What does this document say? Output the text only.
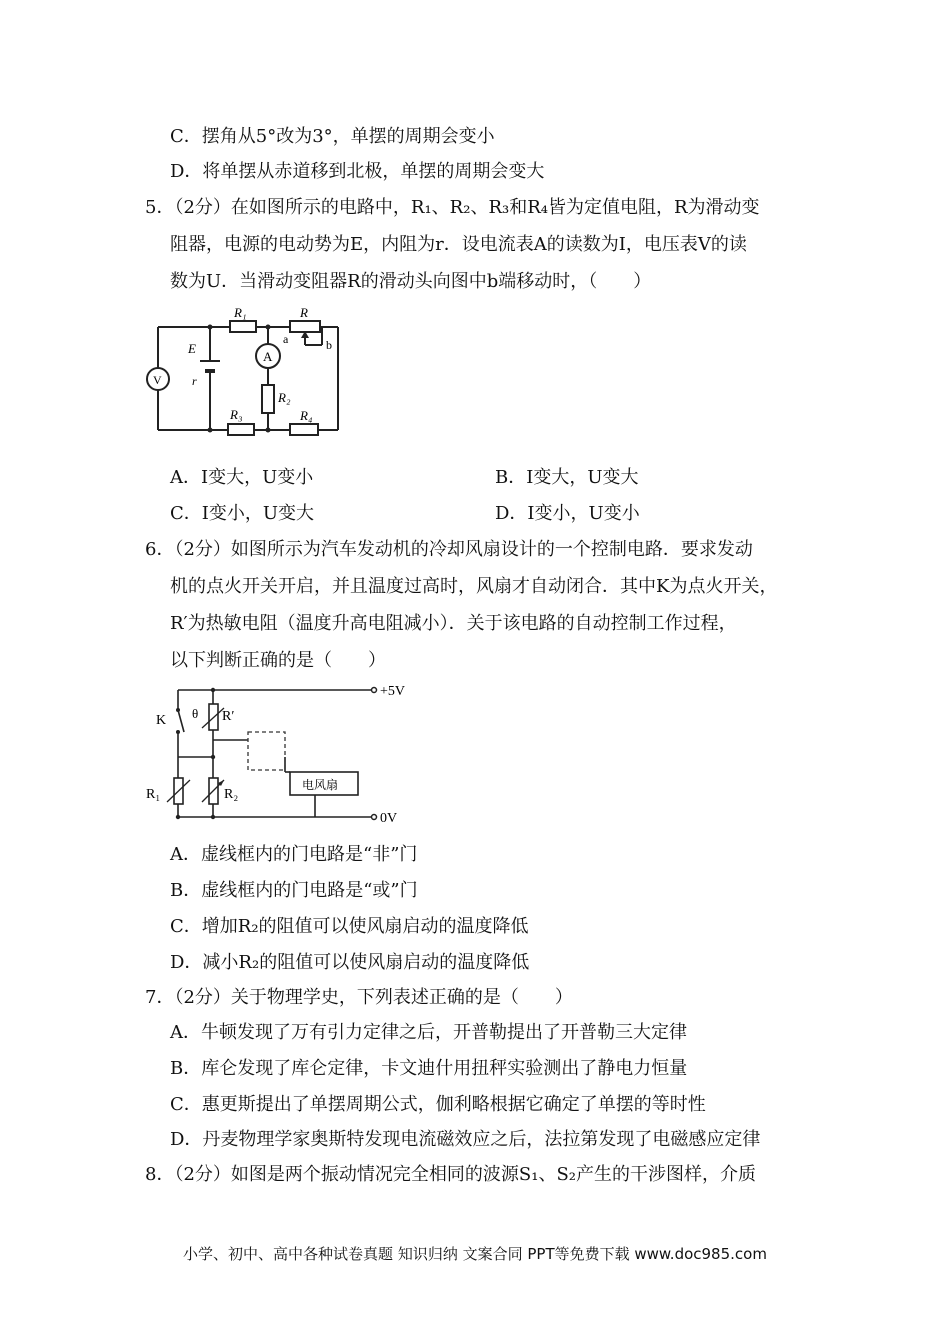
C．摆角从5°改为3°，单摆的周期会变小
D．将单摆从赤道移到北极，单摆的周期会变大
5．（2分）在如图所示的电路中，R₁、R₂、R₃和R₄皆为定值电阻，R为滑动变
阻器，电源的电动势为E，内阻为r．设电流表A的读数为I，电压表V的读
数为U．当滑动变阻器R的滑动头向图中b端移动时，（　　）
R₁	R
E
r
A
a	b
R₂
V
R₃	R₄
A．I变大，U变小	B．I变大，U变大
C．I变小，U变大	D．I变小，U变小
6．（2分）如图所示为汽车发动机的冷却风扇设计的一个控制电路．要求发动
机的点火开关开启，并且温度过高时，风扇才自动闭合．其中K为点火开关，
R′为热敏电阻（温度升高电阻减小）．关于该电路的自动控制工作过程，
以下判断正确的是（　　）
+5V
K θ R′
电风扇
R₁	R₂
0V
A．虚线框内的门电路是“非”门
B．虚线框内的门电路是“或”门
C．增加R₂的阻值可以使风扇启动的温度降低
D．减小R₂的阻值可以使风扇启动的温度降低
7．（2分）关于物理学史，下列表述正确的是（　　）
A．牛顿发现了万有引力定律之后，开普勒提出了开普勒三大定律
B．库仑发现了库仑定律，卡文迪什用扭秤实验测出了静电力恒量
C．惠更斯提出了单摆周期公式，伽利略根据它确定了单摆的等时性
D．丹麦物理学家奥斯特发现电流磁效应之后，法拉第发现了电磁感应定律
8．（2分）如图是两个振动情况完全相同的波源S₁、S₂产生的干涉图样，介质
小学、初中、高中各种试卷真题 知识归纳 文案合同 PPT等免费下载 www.doc985.com
